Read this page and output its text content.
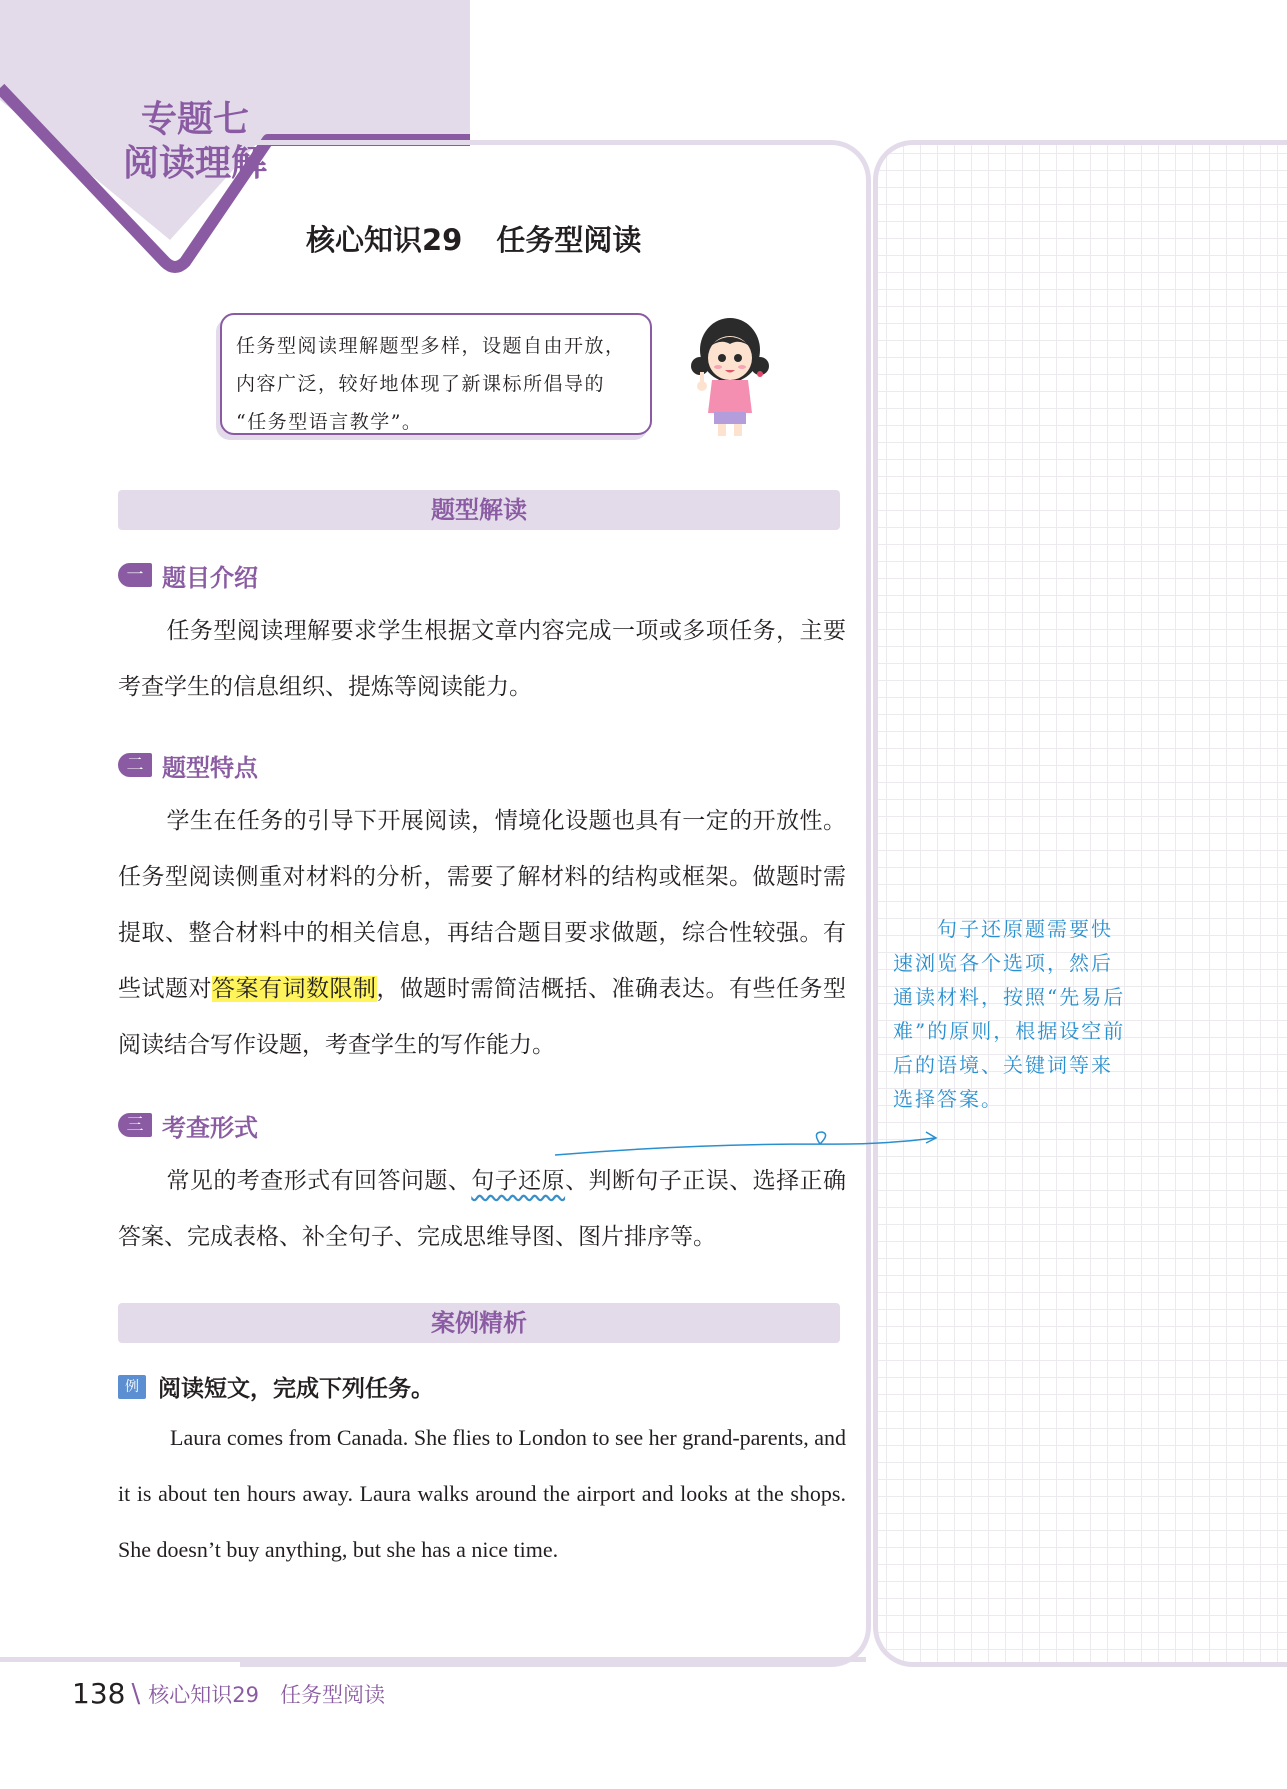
专题七
阅读理解
核心知识29 任务型阅读

任务型阅读理解题型多样，设题自由开放，

内容广泛，较好地体现了新课标所倡导的

“任务型语言教学”。

题型解读
一 题目介绍
任务型阅读理解要求学生根据文章内容完成一项或多项任务，主要考查学生的信息组织、提炼等阅读能力。
二 题型特点
学生在任务的引导下开展阅读，情境化设题也具有一定的开放性。任务型阅读侧重对材料的分析，需要了解材料的结构或框架。做题时需提取、整合材料中的相关信息，再结合题目要求做题，综合性较强。有些试题对答案有词数限制，做题时需简洁概括、准确表达。有些任务型阅读结合写作设题，考查学生的写作能力。
三 考查形式
常见的考查形式有回答问题、句子还原、判断句子正误、选择正确答案、完成表格、补全句子、完成思维导图、图片排序等。
句子还原题需要快速浏览各个选项，然后通读材料，按照“先易后难”的原则，根据设空前后的语境、关键词等来选择答案。
案例精析
例 阅读短文，完成下列任务。
Laura comes from Canada. She flies to London to see her grand-parents, and it is about ten hours away. Laura walks around the airport and looks at the shops. She doesn’t buy anything, but she has a nice time.
138 \ 核心知识29　任务型阅读
